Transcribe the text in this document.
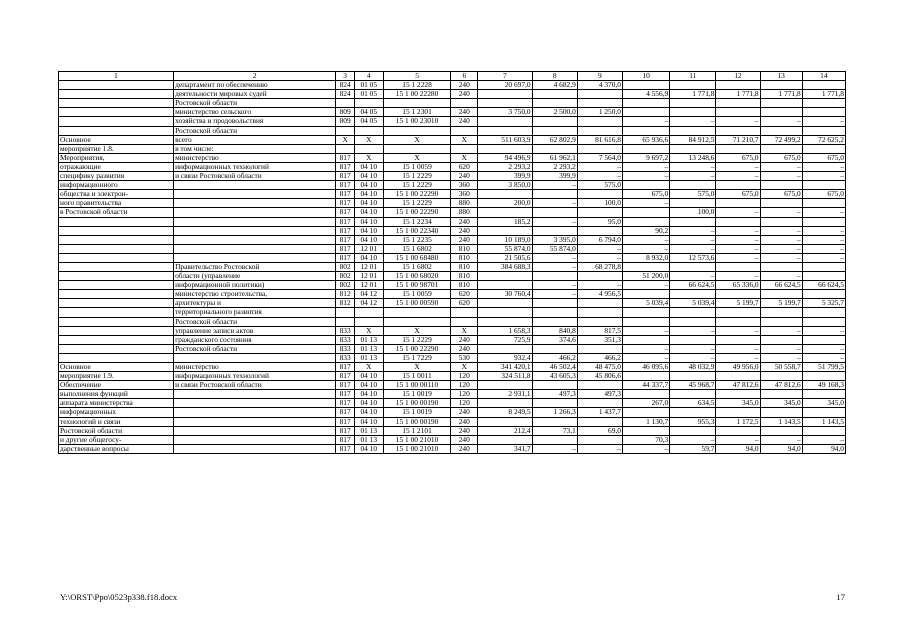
1	2	3	4	5	6	7	8	9	10	11	12	13	14
	департамент по обеспечению	824	01 05	15 1 2228	240	20 697,0	4 682,9	4 370,0					
	деятельности мировых судей	824	01 05	15 1 00 22280	240				4 556,9	1 771,8	1 771,8	1 771,8	1 771,8
	Ростовской области												
	министерство сельского	809	04 05	15 1 2301	240	3 750,0	2 500,0	1 250,0					
	хозяйства и продовольствия	809	04 05	15 1 00 23010	240				–	–	–	–	–
	Ростовской области												
Основное	всего	Х	Х	Х	Х	511 603,9	62 802,9	81 616,8	65 936,6	84 912,5	71 210,7	72 499,2	72 625,2
мероприятие 1.8.	в том числе:												
Мероприятия,	министерство	817	Х	Х	Х	94 496,9	61 962,1	7 564,0	9 697,2	13 248,6	675,0	675,0	675,0
отражающие	информационных технологий	817	04 10	15 1 0059	620	2 293,2	2 293,2	–	–	–	–	–	–
специфику развития	и связи Ростовской области	817	04 10	15 1 2229	240	399,9	399,9	–	–	–	–	–	–
информационного		817	04 10	15 1 2229	360	3 850,0	–	575,0					
общества и электрон-		817	04 10	15 1 00 22290	360				675,0	575,0	675,0	675,0	675,0
ного правительства		817	04 10	15 1 2229	880	200,0	–	100,0	–				
в Ростовской области		817	04 10	15 1 00 22290	880					100,0	–	–	–
		817	04 10	15 1 2234	240	185,2	–	95,0					
		817	04 10	15 1 00 22340	240				90,2	–	–	–	–
		817	04 10	15 1 2235	240	10 189,0	3 395,0	6 794,0	–	–	–	–	–
		817	12 01	15 1 6802	810	55 874,0	55 874,0	–	–	–	–	–	–
		817	04 10	15 1 00 68480	810	21 505,6	–	–	8 932,0	12 573,6	–	–	–
	Правительство Ростовской	802	12 01	15 1 6802	810	384 688,3	–	68 278,8					
	области (управление	802	12 01	15 1 00 68020	810				51 200,0	–	–	–	
	информационной политики)	802	12 01	15 1 00 98701	810		–	–	–	66 624,5	65 336,0	66 624,5	66 624,5
	министерство строительства,	812	04 12	15 1 0059	620	30 760,4	–	4 956,5					
	архитектуры и	812	04 12	15 1 00 00590	620				5 039,4	5 039,4	5 199,7	5 199,7	5 325,7
	территориального развития												
	Ростовской области												
	управление записи актов	833	Х	Х	Х	1 658,3	840,8	817,5	–	–	–	–	–
	гражданского состояния	833	01 13	15 1 2229	240	725,9	374,6	351,3					
	Ростовской области	833	01 13	15 1 00 22290	240				–	–	–	–	–
		833	01 13	15 1 7229	530	932,4	466,2	466,2	–	–	–	–	–
Основное	министерство	817	Х	Х	Х	341 420,1	46 502,4	48 475,0	46 095,6	48 032,9	49 956,0	50 558,7	51 799,5
мероприятие 1.9.	информационных технологий	817	04 10	15 1 0011	120	324 511,8	43 605,3	45 806,6					
Обеспечение	и связи Ростовской области	817	04 10	15 1 00 00110	120				44 337,7	45 968,7	47 812,6	47 812,6	49 168,3
выполнения функций		817	04 10	15 1 0019	120	2 931,1	497,3	497,3					
аппарата министерства		817	04 10	15 1 00 00190	120				267,0	634,5	345,0	345,0	345,0
информационных		817	04 10	15 1 0019	240	8 249,5	1 266,3	1 437,7					
технологий и связи		817	04 10	15 1 00 00190	240				1 130,7	955,3	1 172,5	1 143,5	1 143,5
Ростовской области		817	01 13	15 1 2101	240	212,4	73,1	69,0					
и другие общегосу-		817	01 13	15 1 00 21010	240				70,3	–	–	–	–
дарственные вопросы		817	04 10	15 1 00 21010	240	341,7	–	–	–	59,7	94,0	94,0	94,0
Y:\ORST\Ppo\0523p338.f18.docx	17
